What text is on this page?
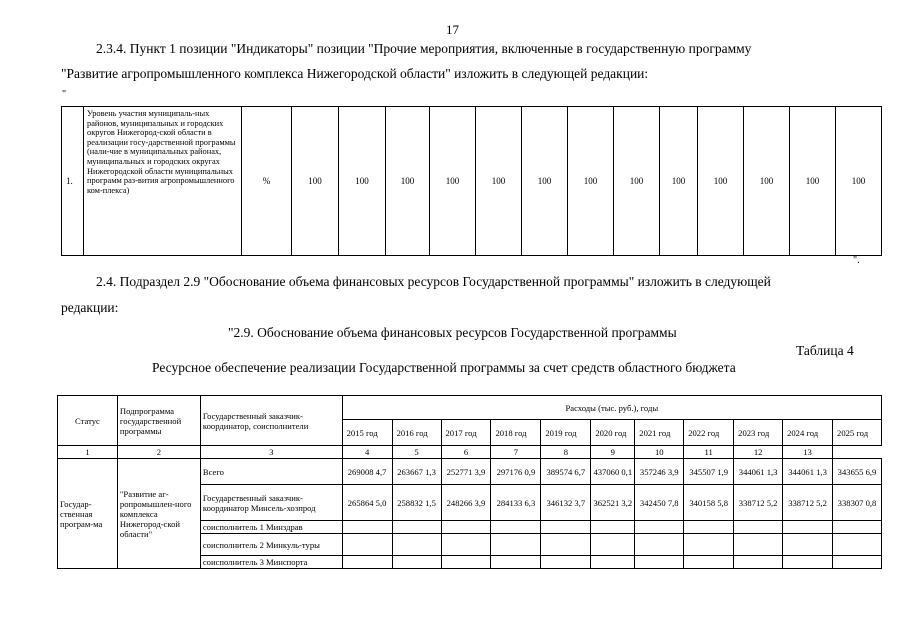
17
2.3.4. Пункт 1 позиции "Индикаторы" позиции "Прочие мероприятия, включенные в государственную программу
"Развитие агропромышленного комплекса Нижегородской области" изложить в следующей редакции:
"
1.	Уровень участия муниципаль-ных районов, муниципальных и городских округов Нижегород-ской области в реализации госу-дарственной программы (нали-чие в муниципальных районах, муниципальных и городских округах Нижегородской области муниципальных программ раз-вития агропромышленного ком-плекса)	%	100	100	100	100	100	100	100	100	100	100	100	100	100
".
2.4. Подраздел 2.9 "Обоснование объема финансовых ресурсов Государственной программы" изложить в следующей
редакции:
"2.9. Обоснование объема финансовых ресурсов Государственной программы
Таблица 4
Ресурсное обеспечение реализации Государственной программы за счет средств областного бюджета
Статус	Подпрограмма государственной программы	Государственный заказчик-координатор, соисполнители	Расходы (тыс. руб.), годы										
			2015 год	2016 год	2017 год	2018 год	2019 год	2020 год	2021 год	2022 год	2023 год	2024 год	2025 год
1	2	3	4	5	6	7	8	9	10	11	12	13	
Государ-ственная програм-ма	"Развитие аг-ропромышлен-ного комплекса Нижегород-ской области"	Всего	269008 4,7	263667 1,3	252771 3,9	297176 0,9	389574 6,7	437060 0,1	357246 3,9	345507 1,9	344061 1,3	344061 1,3	343655 6,9
		Государственный заказчик-координатор Минсель-хозпрод	265864 5,0	258832 1,5	248266 3,9	284133 6,3	346132 3,7	362521 3,2	342450 7,8	340158 5,8	338712 5,2	338712 5,2	338307 0,8
		соисполнитель 1 Минздрав											
		соисполнитель 2 Минкуль-туры											
		соисполнитель 3 Минспорта											
